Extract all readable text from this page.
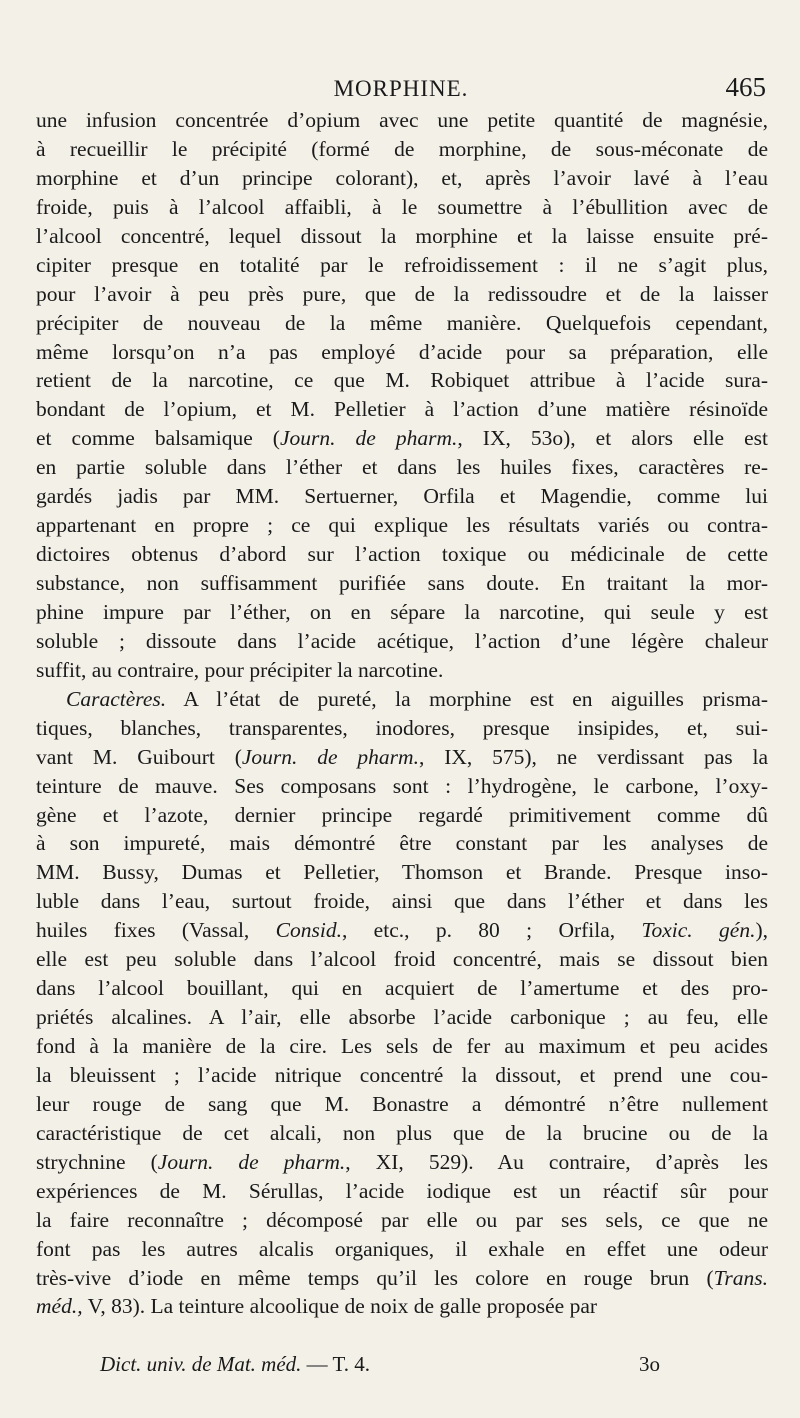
MORPHINE.	465
une infusion concentrée d’opium avec une petite quantité de magnésie,
à recueillir le précipité (formé de morphine, de sous-méconate de
morphine et d’un principe colorant), et, après l’avoir lavé à l’eau
froide, puis à l’alcool affaibli, à le soumettre à l’ébullition avec de
l’alcool concentré, lequel dissout la morphine et la laisse ensuite pré-
cipiter presque en totalité par le refroidissement : il ne s’agit plus,
pour l’avoir à peu près pure, que de la redissoudre et de la laisser
précipiter de nouveau de la même manière. Quelquefois cependant,
même lorsqu’on n’a pas employé d’acide pour sa préparation, elle
retient de la narcotine, ce que M. Robiquet attribue à l’acide sura-
bondant de l’opium, et M. Pelletier à l’action d’une matière résinoïde
et comme balsamique (Journ. de pharm., IX, 53o), et alors elle est
en partie soluble dans l’éther et dans les huiles fixes, caractères re-
gardés jadis par MM. Sertuerner, Orfila et Magendie, comme lui
appartenant en propre ; ce qui explique les résultats variés ou contra-
dictoires obtenus d’abord sur l’action toxique ou médicinale de cette
substance, non suffisamment purifiée sans doute. En traitant la mor-
phine impure par l’éther, on en sépare la narcotine, qui seule y est
soluble ; dissoute dans l’acide acétique, l’action d’une légère chaleur
suffit, au contraire, pour précipiter la narcotine.
Caractères. A l’état de pureté, la morphine est en aiguilles prisma-
tiques, blanches, transparentes, inodores, presque insipides, et, sui-
vant M. Guibourt (Journ. de pharm., IX, 575), ne verdissant pas la
teinture de mauve. Ses composans sont : l’hydrogène, le carbone, l’oxy-
gène et l’azote, dernier principe regardé primitivement comme dû
à son impureté, mais démontré être constant par les analyses de
MM. Bussy, Dumas et Pelletier, Thomson et Brande. Presque inso-
luble dans l’eau, surtout froide, ainsi que dans l’éther et dans les
huiles fixes (Vassal, Consid., etc., p. 80 ; Orfila, Toxic. gén.),
elle est peu soluble dans l’alcool froid concentré, mais se dissout bien
dans l’alcool bouillant, qui en acquiert de l’amertume et des pro-
priétés alcalines. A l’air, elle absorbe l’acide carbonique ; au feu, elle
fond à la manière de la cire. Les sels de fer au maximum et peu acides
la bleuissent ; l’acide nitrique concentré la dissout, et prend une cou-
leur rouge de sang que M. Bonastre a démontré n’être nullement
caractéristique de cet alcali, non plus que de la brucine ou de la
strychnine (Journ. de pharm., XI, 529). Au contraire, d’après les
expériences de M. Sérullas, l’acide iodique est un réactif sûr pour
la faire reconnaître ; décomposé par elle ou par ses sels, ce que ne
font pas les autres alcalis organiques, il exhale en effet une odeur
très-vive d’iode en même temps qu’il les colore en rouge brun (Trans.
méd., V, 83). La teinture alcoolique de noix de galle proposée par
Dict. univ. de Mat. méd. — T. 4.	3o
